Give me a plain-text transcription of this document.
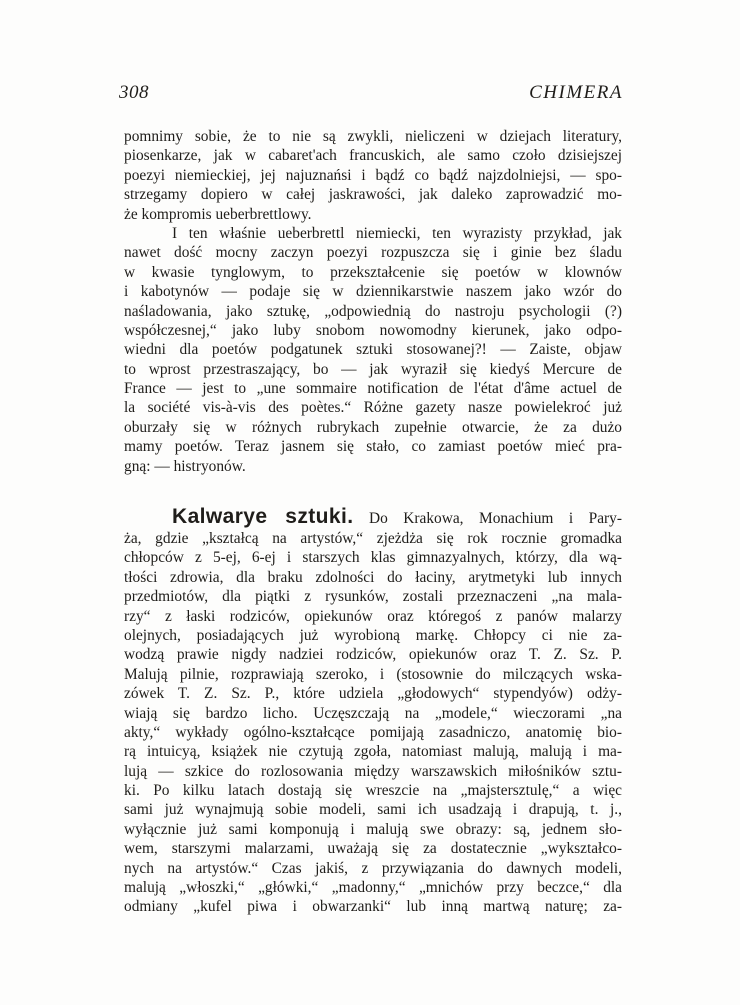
308	CHIMERA
pomnimy sobie, że to nie są zwykli, nieliczeni w dziejach literatury,
piosenkarze, jak w cabaret'ach francuskich, ale samo czoło dzisiejszej
poezyi niemieckiej, jej najuznańsi i bądź co bądź najzdolniejsi, — spo-
strzegamy dopiero w całej jaskrawości, jak daleko zaprowadzić mo-
że kompromis ueberbrettlowy.
I ten właśnie ueberbrettl niemiecki, ten wyrazisty przykład, jak
nawet dość mocny zaczyn poezyi rozpuszcza się i ginie bez śladu
w kwasie tynglowym, to przekształcenie się poetów w klownów
i kabotynów — podaje się w dziennikarstwie naszem jako wzór do
naśladowania, jako sztukę, „odpowiednią do nastroju psychologii (?)
współczesnej,“ jako luby snobom nowomodny kierunek, jako odpo-
wiedni dla poetów podgatunek sztuki stosowanej?! — Zaiste, objaw
to wprost przestraszający, bo — jak wyraził się kiedyś Mercure de
France — jest to „une sommaire notification de l'état d'âme actuel de
la société vis-à-vis des poètes.“ Różne gazety nasze powielekroć już
oburzały się w różnych rubrykach zupełnie otwarcie, że za dużo
mamy poetów. Teraz jasnem się stało, co zamiast poetów mieć pra-
gną: — histryonów.
Kalwarye sztuki. Do Krakowa, Monachium i Pary-
ża, gdzie „kształcą na artystów,“ zjeżdża się rok rocznie gromadka
chłopców z 5-ej, 6-ej i starszych klas gimnazyalnych, którzy, dla wą-
tłości zdrowia, dla braku zdolności do łaciny, arytmetyki lub innych
przedmiotów, dla piątki z rysunków, zostali przeznaczeni „na mala-
rzy“ z łaski rodziców, opiekunów oraz któregoś z panów malarzy
olejnych, posiadających już wyrobioną markę. Chłopcy ci nie za-
wodzą prawie nigdy nadziei rodziców, opiekunów oraz T. Z. Sz. P.
Malują pilnie, rozprawiają szeroko, i (stosownie do milczących wska-
zówek T. Z. Sz. P., które udziela „głodowych“ stypendyów) odży-
wiają się bardzo licho. Uczęszczają na „modele,“ wieczorami „na
akty,“ wykłady ogólno-kształcące pomijają zasadniczo, anatomię bio-
rą intuicyą, książek nie czytują zgoła, natomiast malują, malują i ma-
lują — szkice do rozlosowania między warszawskich miłośników sztu-
ki. Po kilku latach dostają się wreszcie na „majstersztulę,“ a więc
sami już wynajmują sobie modeli, sami ich usadzają i drapują, t. j.,
wyłącznie już sami komponują i malują swe obrazy: są, jednem sło-
wem, starszymi malarzami, uważają się za dostatecznie „wykształco-
nych na artystów.“ Czas jakiś, z przywiązania do dawnych modeli,
malują „włoszki,“ „główki,“ „madonny,“ „mnichów przy beczce,“ dla
odmiany „kufel piwa i obwarzanki“ lub inną martwą naturę; za-
